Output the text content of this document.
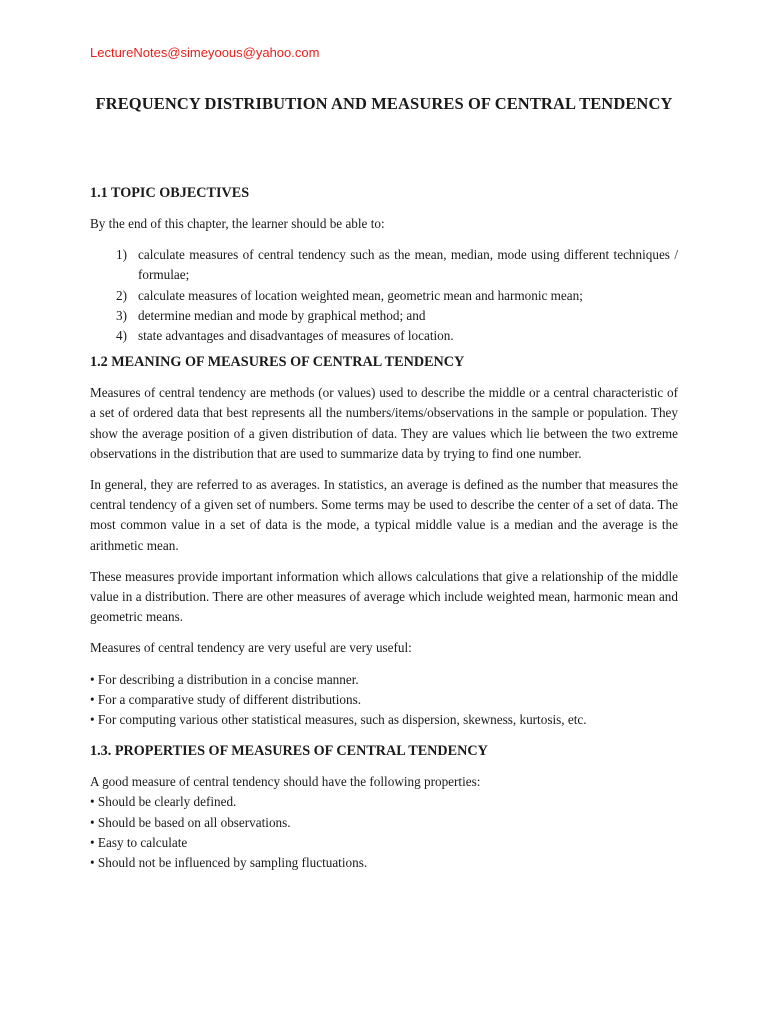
LectureNotes@simeyoous@yahoo.com
FREQUENCY DISTRIBUTION AND MEASURES OF CENTRAL TENDENCY
1.1 TOPIC OBJECTIVES

By the end of this chapter, the learner should be able to:

1) calculate measures of central tendency such as the mean, median, mode using different techniques / formulae;
2) calculate measures of location weighted mean, geometric mean and harmonic mean;
3) determine median and mode by graphical method; and
4) state advantages and disadvantages of measures of location.
1.2 MEANING OF MEASURES OF CENTRAL TENDENCY

Measures of central tendency are methods (or values) used to describe the middle or a central characteristic of a set of ordered data that best represents all the numbers/items/observations in the sample or population. They show the average position of a given distribution of data. They are values which lie between the two extreme observations in the distribution that are used to summarize data by trying to find one number.

In general, they are referred to as averages. In statistics, an average is defined as the number that measures the central tendency of a given set of numbers. Some terms may be used to describe the center of a set of data. The most common value in a set of data is the mode, a typical middle value is a median and the average is the arithmetic mean.

These measures provide important information which allows calculations that give a relationship of the middle value in a distribution. There are other measures of average which include weighted mean, harmonic mean and geometric means.

Measures of central tendency are very useful are very useful:

• For describing a distribution in a concise manner.
• For a comparative study of different distributions.
• For computing various other statistical measures, such as dispersion, skewness, kurtosis, etc.
1.3. PROPERTIES OF MEASURES OF CENTRAL TENDENCY

A good measure of central tendency should have the following properties:

• Should be clearly defined.
• Should be based on all observations.
• Easy to calculate
• Should not be influenced by sampling fluctuations.
